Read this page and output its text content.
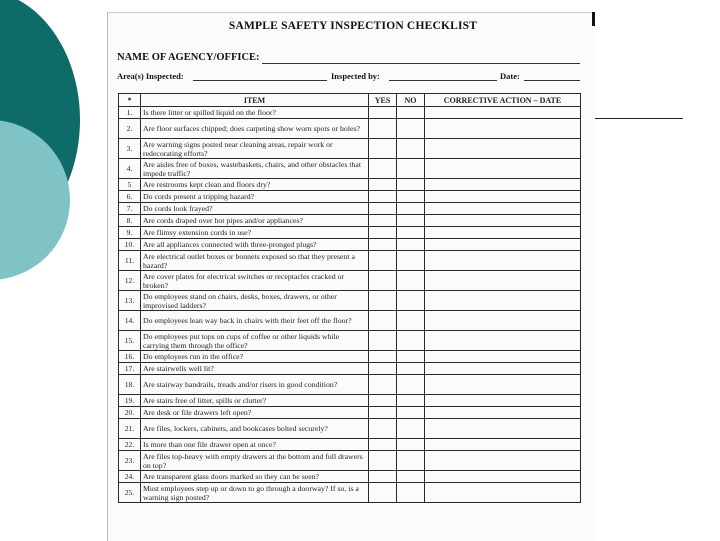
SAMPLE SAFETY INSPECTION CHECKLIST
NAME OF AGENCY/OFFICE:
Area(s) Inspected:	Inspected by:	Date:
*	ITEM	YES	NO	CORRECTIVE ACTION – DATE
1.	Is there litter or spilled liquid on the floor?			
2.	Are floor surfaces chipped; does carpeting show worn spots or holes?			
3.	Are warning signs posted near cleaning areas, repair work or redecorating efforts?			
4.	Are aisles free of boxes, wastebaskets, chairs, and other obstacles that impede traffic?			
5	Are restrooms kept clean and floors dry?			
6.	Do cords present a tripping hazard?			
7.	Do cords look frayed?			
8.	Are cords draped over hot pipes and/or appliances?			
9.	Are flimsy extension cords in use?			
10.	Are all appliances connected with three-pronged plugs?			
11.	Are electrical outlet boxes or bonnets exposed so that they present a hazard?			
12.	Are cover plates for electrical switches or receptacles cracked or broken?			
13.	Do employees stand on chairs, desks, boxes, drawers, or other improvised ladders?			
14.	Do employees lean way back in chairs with their feet off the floor?			
15.	Do employees put tops on cups of coffee or other liquids while carrying them through the office?			
16.	Do employees run in the office?			
17.	Are stairwells well lit?			
18.	Are stairway handrails, treads and/or risers in good condition?			
19.	Are stairs free of litter, spills or clutter?			
20.	Are desk or file drawers left open?			
21.	Are files, lockers, cabinets, and bookcases bolted securely?			
22.	Is more than one file drawer open at once?			
23.	Are files top-heavy with empty drawers at the bottom and full drawers on top?			
24.	Are transparent glass doors marked so they can be seen?			
25.	Must employees step up or down to go through a doorway? If so, is a warning sign posted?			
